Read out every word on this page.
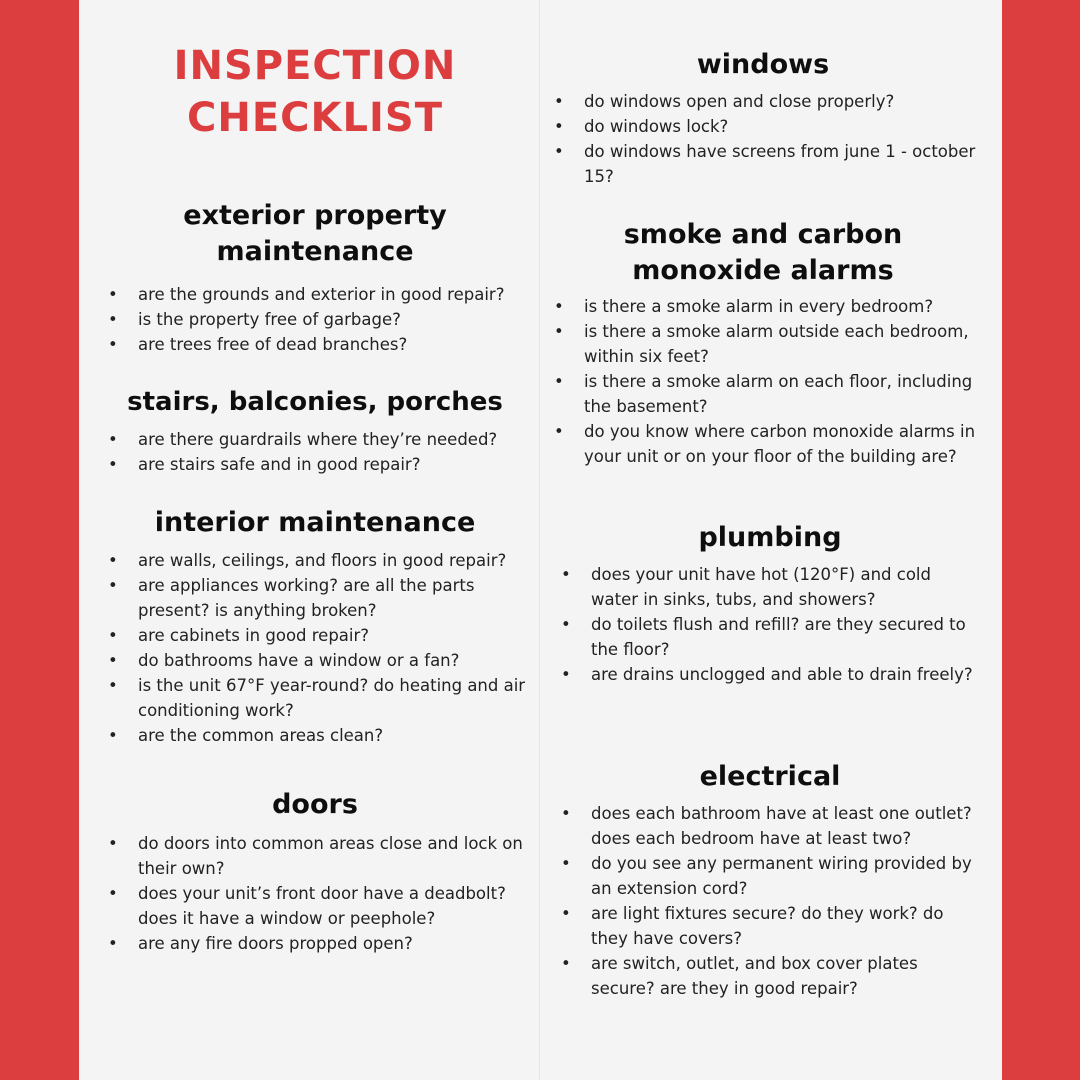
INSPECTION
CHECKLIST
exterior property
maintenance
• are the grounds and exterior in good repair?
• is the property free of garbage?
• are trees free of dead branches?
stairs, balconies, porches
• are there guardrails where they’re needed?
• are stairs safe and in good repair?
interior maintenance
• are walls, ceilings, and floors in good repair?
• are appliances working? are all the parts present? is anything broken?
• are cabinets in good repair?
• do bathrooms have a window or a fan?
• is the unit 67°F year-round? do heating and air conditioning work?
• are the common areas clean?
doors
• do doors into common areas close and lock on their own?
• does your unit’s front door have a deadbolt? does it have a window or peephole?
• are any fire doors propped open?
windows
• do windows open and close properly?
• do windows lock?
• do windows have screens from june 1 - october 15?
smoke and carbon
monoxide alarms
• is there a smoke alarm in every bedroom?
• is there a smoke alarm outside each bedroom, within six feet?
• is there a smoke alarm on each floor, including the basement?
• do you know where carbon monoxide alarms in your unit or on your floor of the building are?
plumbing
• does your unit have hot (120°F) and cold water in sinks, tubs, and showers?
• do toilets flush and refill? are they secured to the floor?
• are drains unclogged and able to drain freely?
electrical
• does each bathroom have at least one outlet? does each bedroom have at least two?
• do you see any permanent wiring provided by an extension cord?
• are light fixtures secure? do they work? do they have covers?
• are switch, outlet, and box cover plates secure? are they in good repair?
